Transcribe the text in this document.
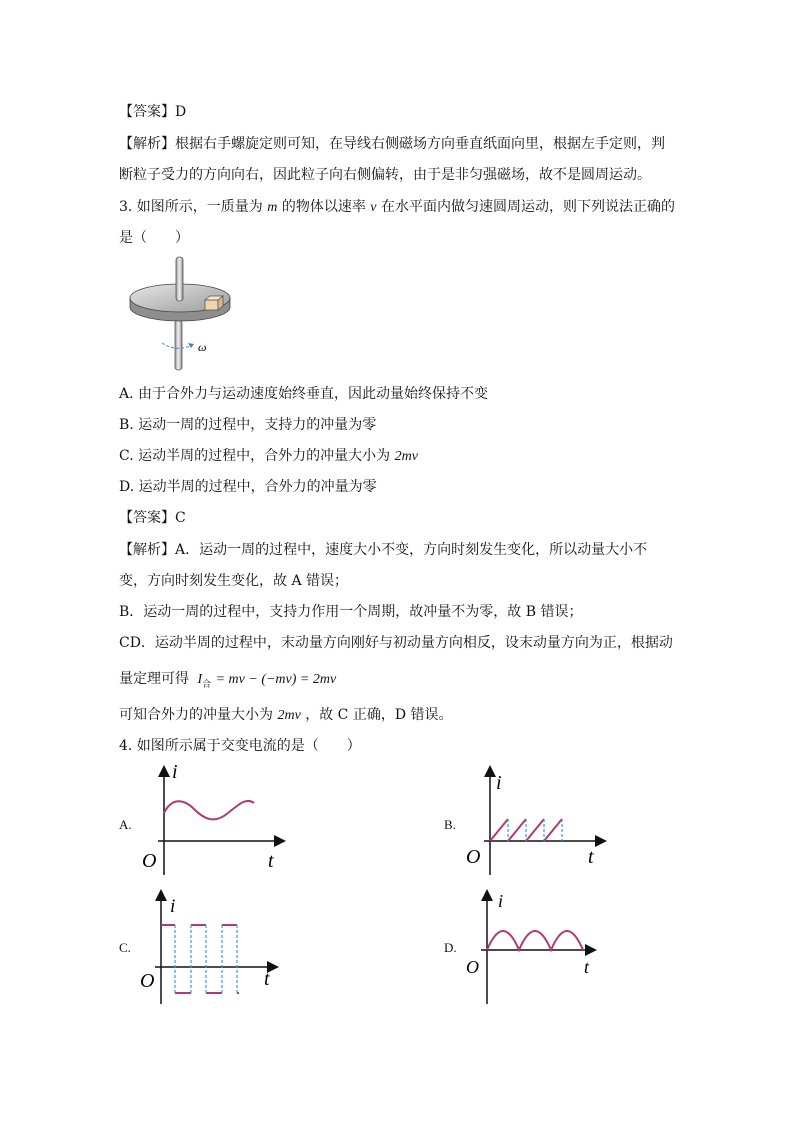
【答案】D
【解析】根据右手螺旋定则可知，在导线右侧磁场方向垂直纸面向里，根据左手定则，判
断粒子受力的方向向右，因此粒子向右侧偏转，由于是非匀强磁场，故不是圆周运动。
3. 如图所示，一质量为 m 的物体以速率 v 在水平面内做匀速圆周运动，则下列说法正确的
是（　　）
ω
A. 由于合外力与运动速度始终垂直，因此动量始终保持不变
B. 运动一周的过程中，支持力的冲量为零
C. 运动半周的过程中，合外力的冲量大小为 2mv
D. 运动半周的过程中，合外力的冲量为零
【答案】C
【解析】A．运动一周的过程中，速度大小不变，方向时刻发生变化，所以动量大小不
变，方向时刻发生变化，故 A 错误；
B．运动一周的过程中，支持力作用一个周期，故冲量不为零，故 B 错误；
CD．运动半周的过程中，末动量方向刚好与初动量方向相反，设末动量方向为正，根据动
量定理可得 $I_合$ = mv − (−mv) = 2mv
可知合外力的冲量大小为 2mv ，故 C 正确，D 错误。
4. 如图所示属于交变电流的是（　　）
A.	B.
C.	D.
i
t
O
i
t
O
i
t
O
i
t
O
